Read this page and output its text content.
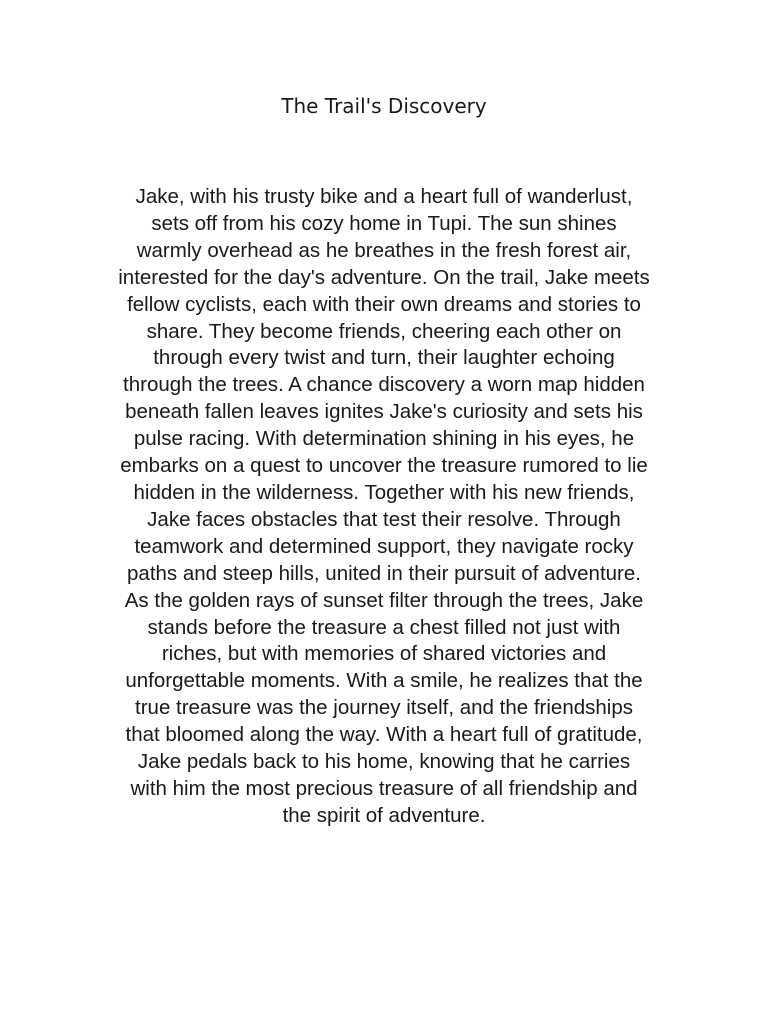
The Trail's Discovery
Jake, with his trusty bike and a heart full of wanderlust,
sets off from his cozy home in Tupi. The sun shines
warmly overhead as he breathes in the fresh forest air,
interested for the day's adventure. On the trail, Jake meets
fellow cyclists, each with their own dreams and stories to
share. They become friends, cheering each other on
through every twist and turn, their laughter echoing
through the trees. A chance discovery a worn map hidden
beneath fallen leaves ignites Jake's curiosity and sets his
pulse racing. With determination shining in his eyes, he
embarks on a quest to uncover the treasure rumored to lie
hidden in the wilderness. Together with his new friends,
Jake faces obstacles that test their resolve. Through
teamwork and determined support, they navigate rocky
paths and steep hills, united in their pursuit of adventure.
As the golden rays of sunset filter through the trees, Jake
stands before the treasure a chest filled not just with
riches, but with memories of shared victories and
unforgettable moments. With a smile, he realizes that the
true treasure was the journey itself, and the friendships
that bloomed along the way. With a heart full of gratitude,
Jake pedals back to his home, knowing that he carries
with him the most precious treasure of all friendship and
the spirit of adventure.
